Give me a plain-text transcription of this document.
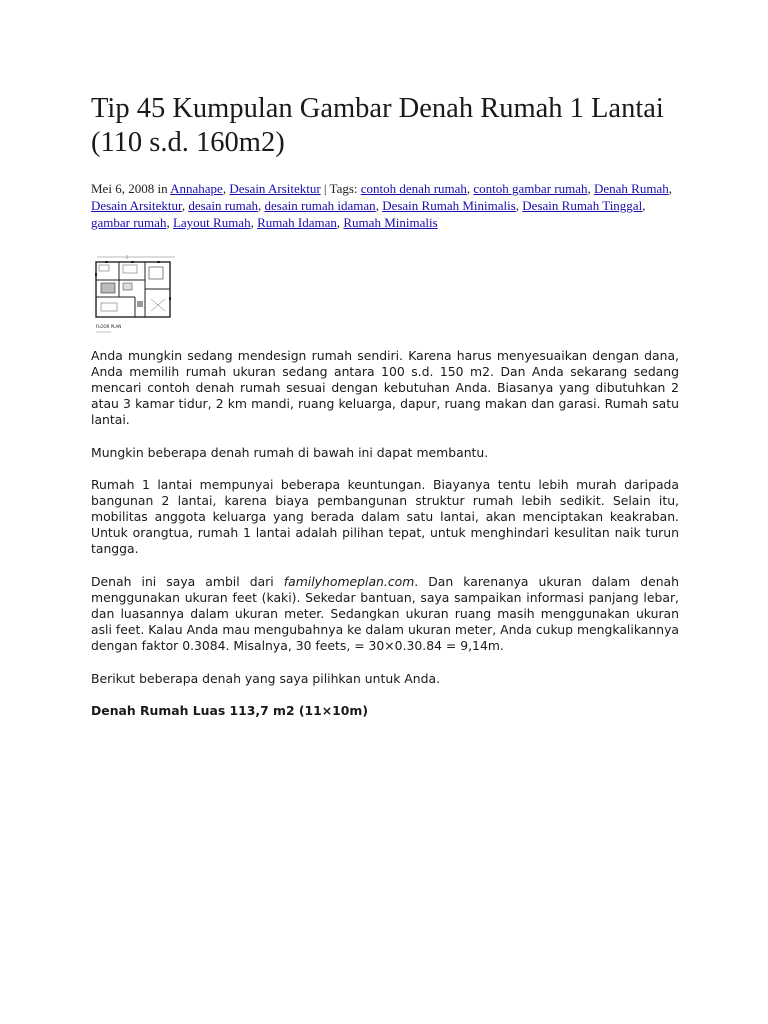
Tip 45 Kumpulan Gambar Denah Rumah 1 Lantai (110 s.d. 160m2)

Mei 6, 2008 in Annahape, Desain Arsitektur | Tags: contoh denah rumah, contoh gambar rumah, Denah Rumah, Desain Arsitektur, desain rumah, desain rumah idaman, Desain Rumah Minimalis, Desain Rumah Tinggal, gambar rumah, Layout Rumah, Rumah Idaman, Rumah Minimalis

FLOOR PLAN

Anda mungkin sedang mendesign rumah sendiri. Karena harus menyesuaikan dengan dana, Anda memilih rumah ukuran sedang antara 100 s.d. 150 m2. Dan Anda sekarang sedang mencari contoh denah rumah sesuai dengan kebutuhan Anda. Biasanya yang dibutuhkan 2 atau 3 kamar tidur, 2 km mandi, ruang keluarga, dapur, ruang makan dan garasi. Rumah satu lantai.

Mungkin beberapa denah rumah di bawah ini dapat membantu.

Rumah 1 lantai mempunyai beberapa keuntungan. Biayanya tentu lebih murah daripada bangunan 2 lantai, karena biaya pembangunan struktur rumah lebih sedikit. Selain itu, mobilitas anggota keluarga yang berada dalam satu lantai, akan menciptakan keakraban. Untuk orangtua, rumah 1 lantai adalah pilihan tepat, untuk menghindari kesulitan naik turun tangga.

Denah ini saya ambil dari familyhomeplan.com. Dan karenanya ukuran dalam denah menggunakan ukuran feet (kaki). Sekedar bantuan, saya sampaikan informasi panjang lebar, dan luasannya dalam ukuran meter. Sedangkan ukuran ruang masih menggunakan ukuran asli feet. Kalau Anda mau mengubahnya ke dalam ukuran meter, Anda cukup mengkalikannya dengan faktor 0.3084. Misalnya, 30 feets, = 30×0.30.84 = 9,14m.

Berikut beberapa denah yang saya pilihkan untuk Anda.

Denah Rumah Luas 113,7 m2 (11×10m)
